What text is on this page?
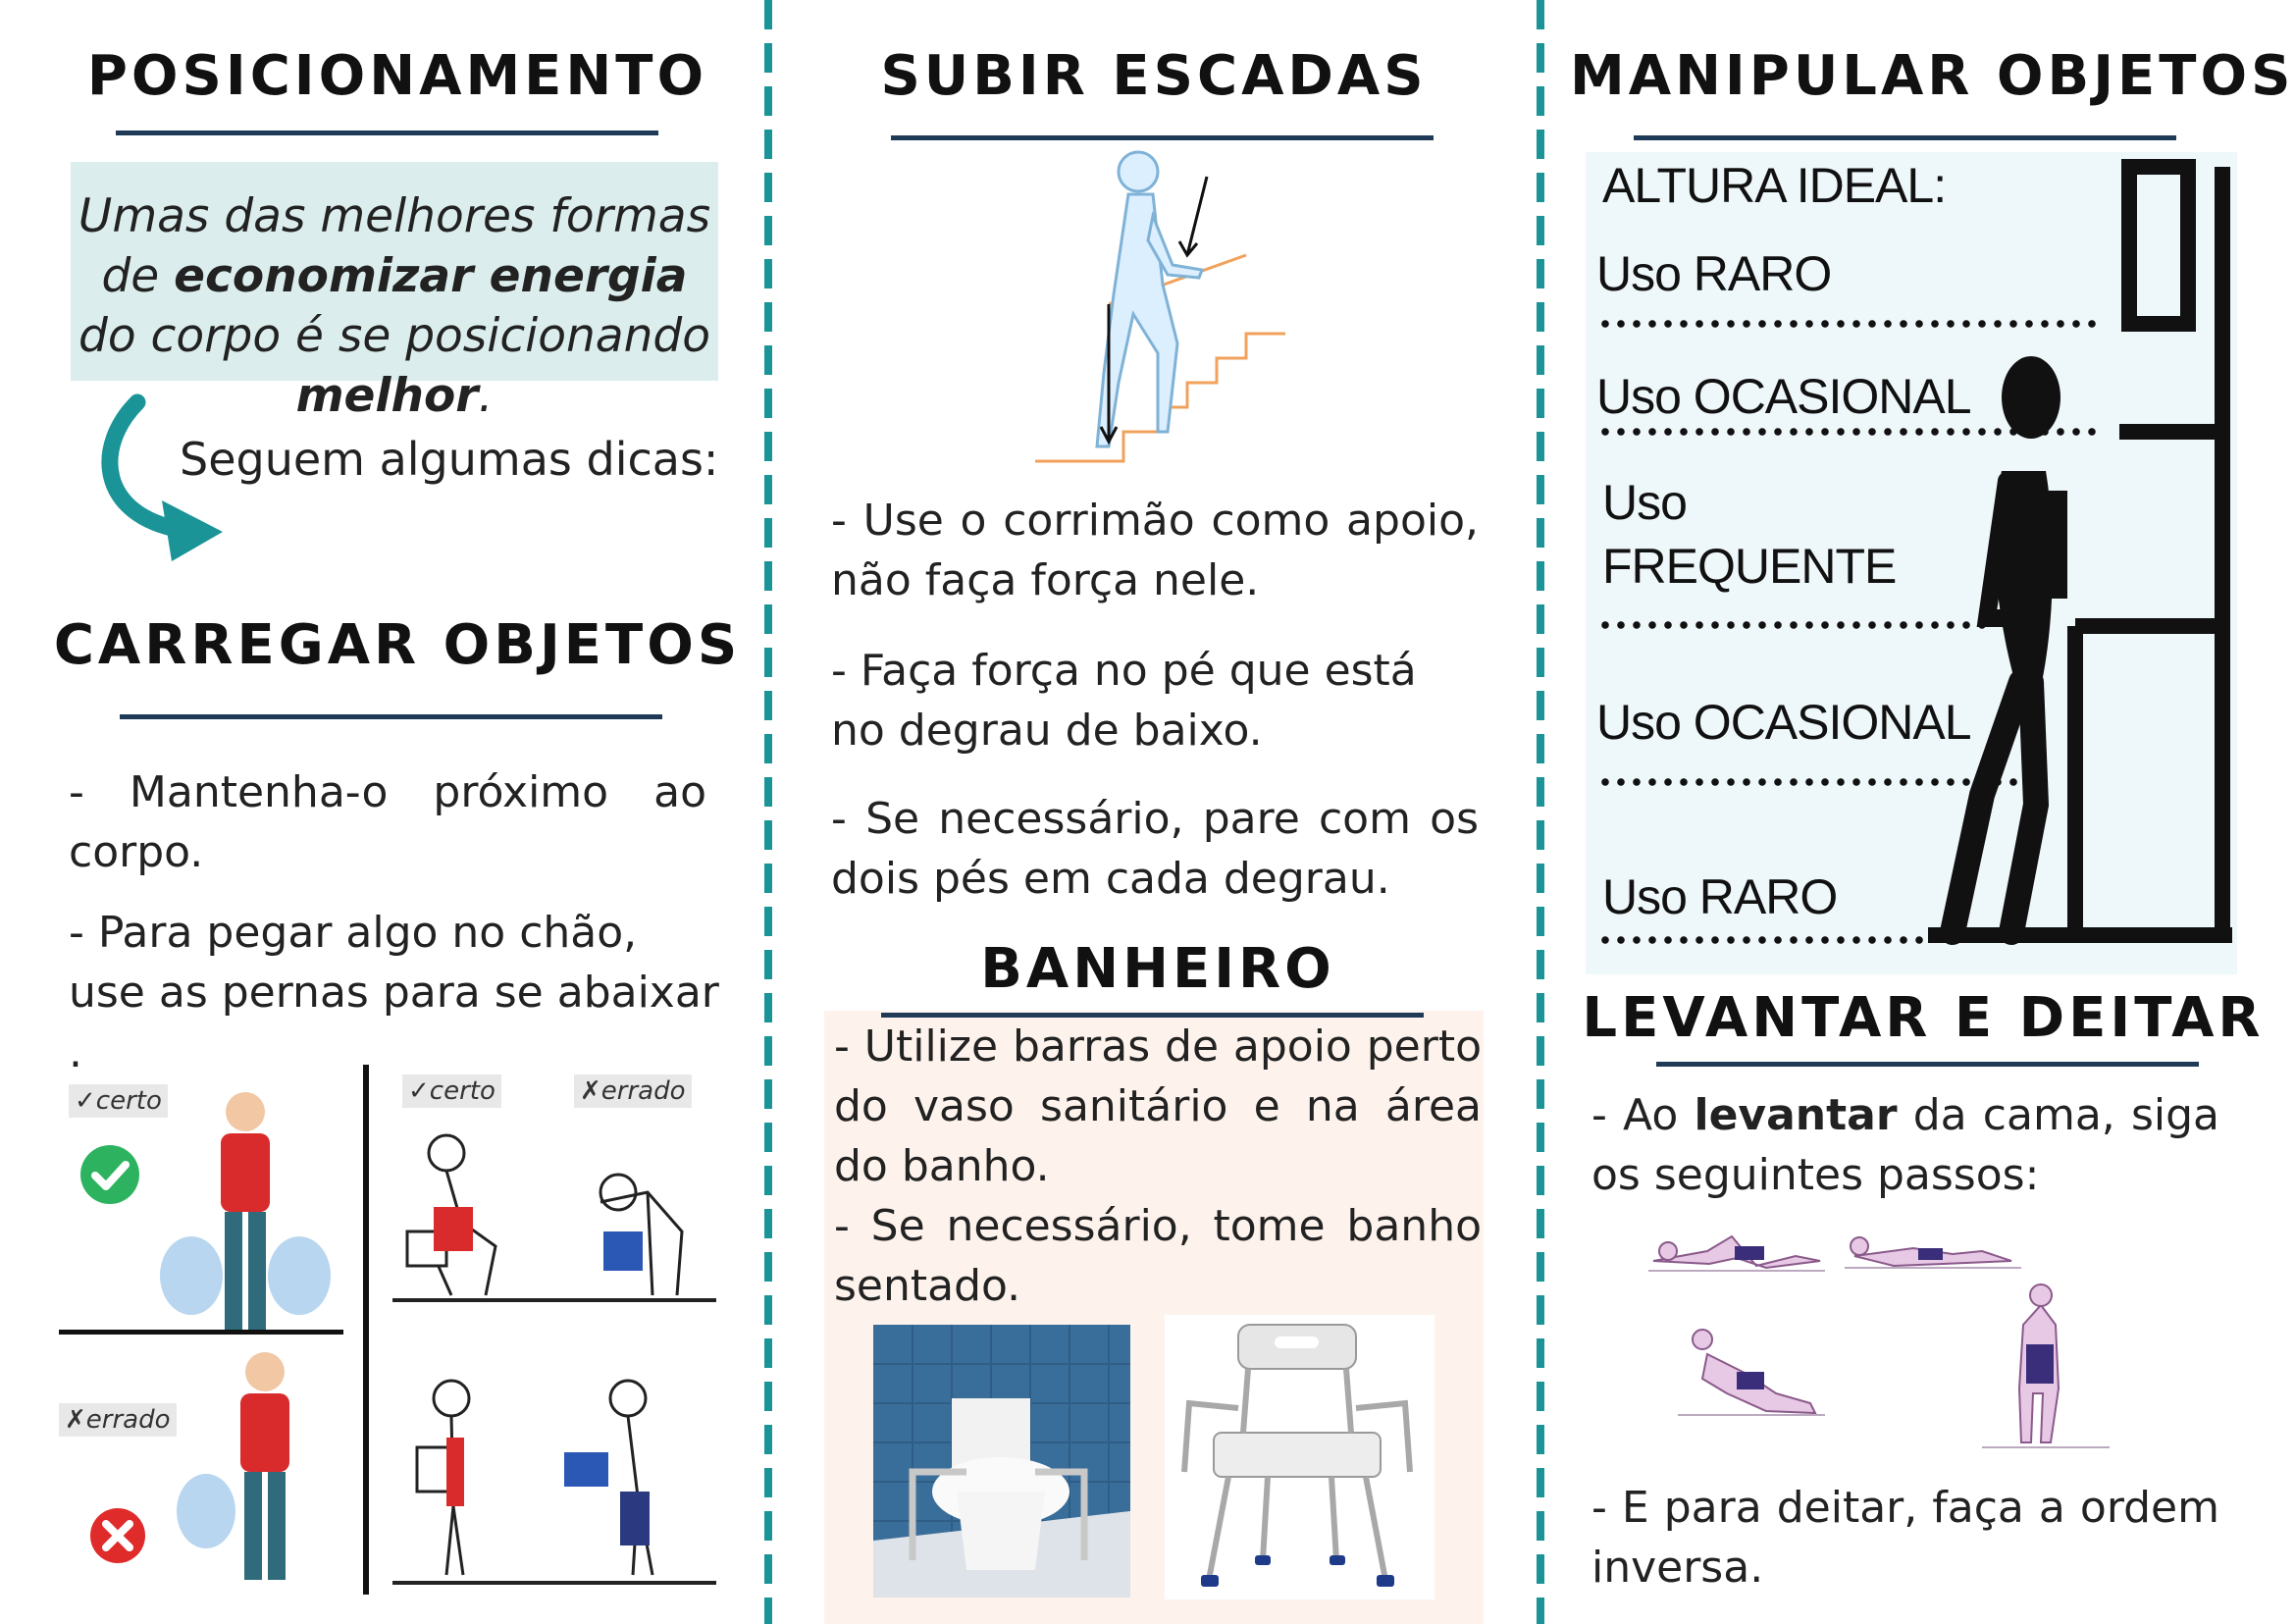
POSICIONAMENTO
Umas das melhores formas de economizar energia do corpo é se posicionando melhor.
Seguem algumas dicas:
CARREGAR OBJETOS
- Mantenha-o próximo ao corpo.
- Para pegar algo no chão, use as pernas para se abaixar .
✓certo
✗errado
✓certo	✗errado
SUBIR ESCADAS
- Use o corrimão como apoio, não faça força nele.
- Faça força no pé que está no degrau de baixo.
- Se necessário, pare com os dois pés em cada degrau.
BANHEIRO
- Utilize barras de apoio perto do vaso sanitário e na área do banho.
- Se necessário, tome banho sentado.
MANIPULAR OBJETOS
ALTURA IDEAL:
Uso RARO
Uso OCASIONAL
Uso
FREQUENTE
Uso OCASIONAL
Uso RARO
LEVANTAR E DEITAR
- Ao levantar da cama, siga os seguintes passos:
- E para deitar, faça a ordem inversa.
